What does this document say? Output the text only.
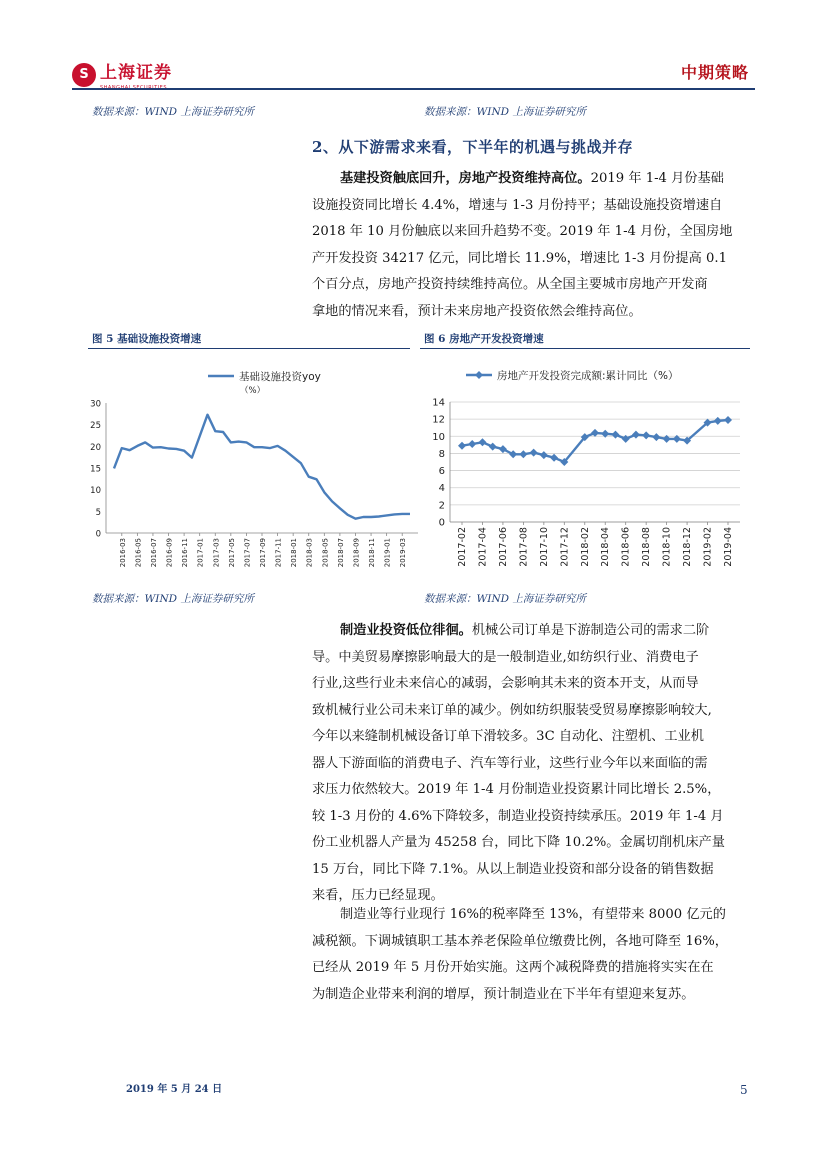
S 上海证券	中期策略
数据来源：WIND 上海证券研究所	数据来源：WIND 上海证券研究所
2、从下游需求来看，下半年的机遇与挑战并存
基建投资触底回升，房地产投资维持高位。2019 年 1-4 月份基础
设施投资同比增长 4.4%，增速与 1-3 月份持平；基础设施投资增速自
2018 年 10 月份触底以来回升趋势不变。2019 年 1-4 月份，全国房地
产开发投资 34217 亿元，同比增长 11.9%，增速比 1-3 月份提高 0.1
个百分点，房地产投资持续维持高位。从全国主要城市房地产开发商
拿地的情况来看，预计未来房地产投资依然会维持高位。
图 5 基础设施投资增速	图 6 房地产开发投资增速
基础设施投资yoy
（%）
0
5
10
15
20
25
30
2016-03 2016-05 2016-07 2016-09 2016-11 2017-01 2017-03 2017-05 2017-07 2017-09 2017-11 2018-01 2018-03 2018-05 2018-07 2018-09 2018-11 2019-01 2019-03
房地产开发投资完成额:累计同比（%）
0
2
4
6
8
10
12
14
2017-02 2017-04 2017-06 2017-08 2017-10 2017-12 2018-02 2018-04 2018-06 2018-08 2018-10 2018-12 2019-02 2019-04
数据来源：WIND 上海证券研究所	数据来源：WIND 上海证券研究所
制造业投资低位徘徊。机械公司订单是下游制造公司的需求二阶
导。中美贸易摩擦影响最大的是一般制造业,如纺织行业、消费电子
行业,这些行业未来信心的减弱，会影响其未来的资本开支，从而导
致机械行业公司未来订单的减少。例如纺织服装受贸易摩擦影响较大,
今年以来缝制机械设备订单下滑较多。3C 自动化、注塑机、工业机
器人下游面临的消费电子、汽车等行业，这些行业今年以来面临的需
求压力依然较大。2019 年 1-4 月份制造业投资累计同比增长 2.5%，
较 1-3 月份的 4.6%下降较多，制造业投资持续承压。2019 年 1-4 月
份工业机器人产量为 45258 台，同比下降 10.2%。金属切削机床产量
15 万台，同比下降 7.1%。从以上制造业投资和部分设备的销售数据
来看，压力已经显现。
制造业等行业现行 16%的税率降至 13%，有望带来 8000 亿元的
减税额。下调城镇职工基本养老保险单位缴费比例，各地可降至 16%，
已经从 2019 年 5 月份开始实施。这两个减税降费的措施将实实在在
为制造企业带来利润的增厚，预计制造业在下半年有望迎来复苏。
2019 年 5 月 24 日	5
